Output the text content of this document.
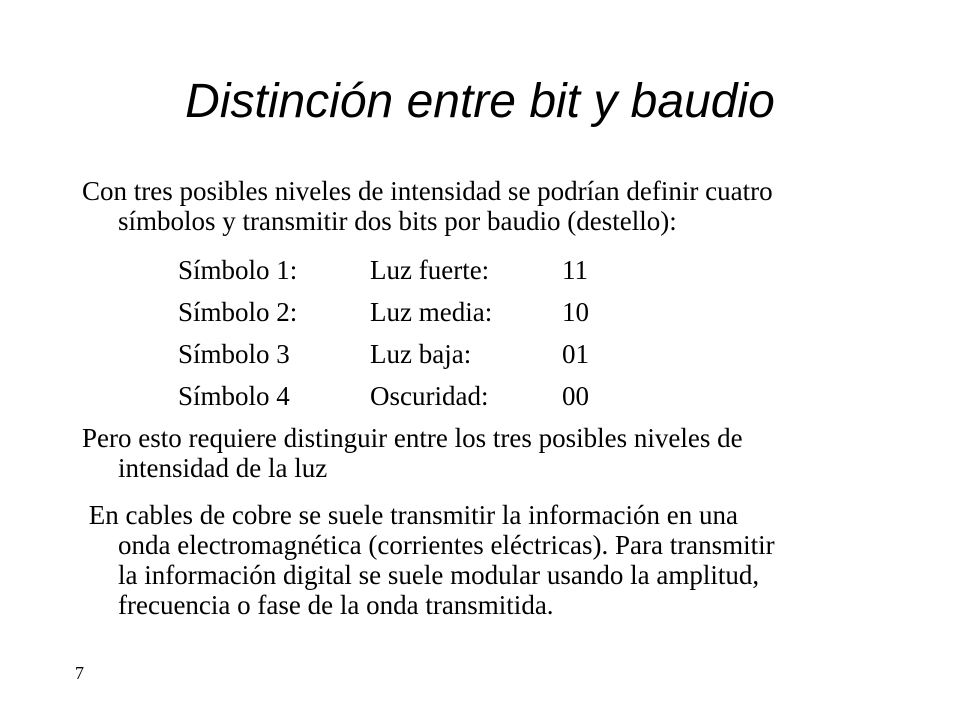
Distinción entre bit y baudio

Con tres posibles niveles de intensidad se podrían definir cuatro
símbolos y transmitir dos bits por baudio (destello):

Símbolo 1:	Luz fuerte:	11
Símbolo 2:	Luz media:	10
Símbolo 3	Luz baja:	01
Símbolo 4	Oscuridad:	00

Pero esto requiere distinguir entre los tres posibles niveles de
intensidad de la luz

En cables de cobre se suele transmitir la información en una
onda electromagnética (corrientes eléctricas). Para transmitir
la información digital se suele modular usando la amplitud,
frecuencia o fase de la onda transmitida.

7
